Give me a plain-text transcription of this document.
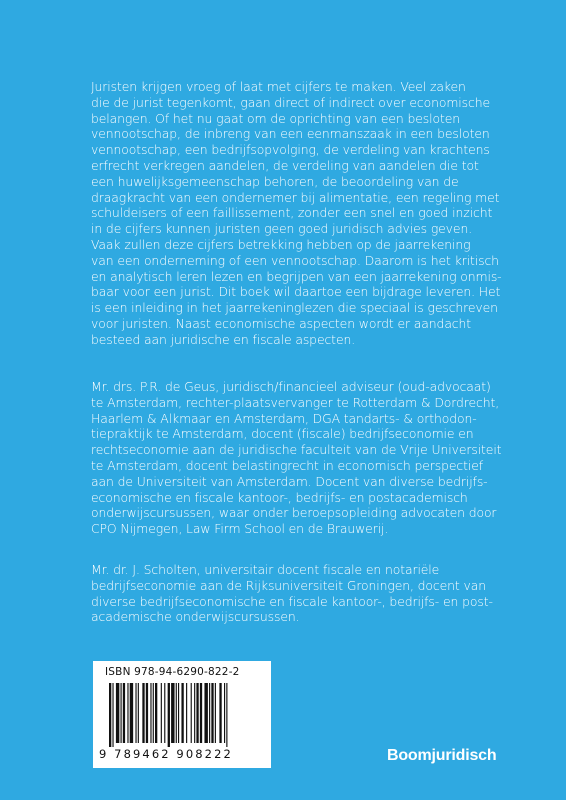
Juristen krijgen vroeg of laat met cijfers te maken. Veel zaken
die de jurist tegenkomt, gaan direct of indirect over economische
belangen. Of het nu gaat om de oprichting van een besloten
vennootschap, de inbreng van een eenmanszaak in een besloten
vennootschap, een bedrijfsopvolging, de verdeling van krachtens
erfrecht verkregen aandelen, de verdeling van aandelen die tot
een huwelijksgemeenschap behoren, de beoordeling van de
draagkracht van een ondernemer bij alimentatie, een regeling met
schuldeisers of een faillissement, zonder een snel en goed inzicht
in de cijfers kunnen juristen geen goed juridisch advies geven.
Vaak zullen deze cijfers betrekking hebben op de jaarrekening
van een onderneming of een vennootschap. Daarom is het kritisch
en analytisch leren lezen en begrijpen van een jaarrekening onmis-
baar voor een jurist. Dit boek wil daartoe een bijdrage leveren. Het
is een inleiding in het jaarrekeninglezen die speciaal is geschreven
voor juristen. Naast economische aspecten wordt er aandacht
besteed aan juridische en fiscale aspecten.
Mr. drs. P.R. de Geus, juridisch/financieel adviseur (oud-advocaat)
te Amsterdam, rechter-plaatsvervanger te Rotterdam & Dordrecht,
Haarlem & Alkmaar en Amsterdam, DGA tandarts- & orthodon-
tiepraktijk te Amsterdam, docent (fiscale) bedrijfseconomie en
rechtseconomie aan de juridische faculteit van de Vrije Universiteit
te Amsterdam, docent belastingrecht in economisch perspectief
aan de Universiteit van Amsterdam. Docent van diverse bedrijfs-
economische en fiscale kantoor-, bedrijfs- en postacademisch
onderwijscursussen, waar onder beroepsopleiding advocaten door
CPO Nijmegen, Law Firm School en de Brauwerij.
Mr. dr. J. Scholten, universitair docent fiscale en notariële
bedrijfseconomie aan de Rijksuniversiteit Groningen, docent van
diverse bedrijfseconomische en fiscale kantoor-, bedrijfs- en post-
academische onderwijscursussen.
ISBN 978-94-6290-822-2
9 789462 908222	Boomjuridisch
